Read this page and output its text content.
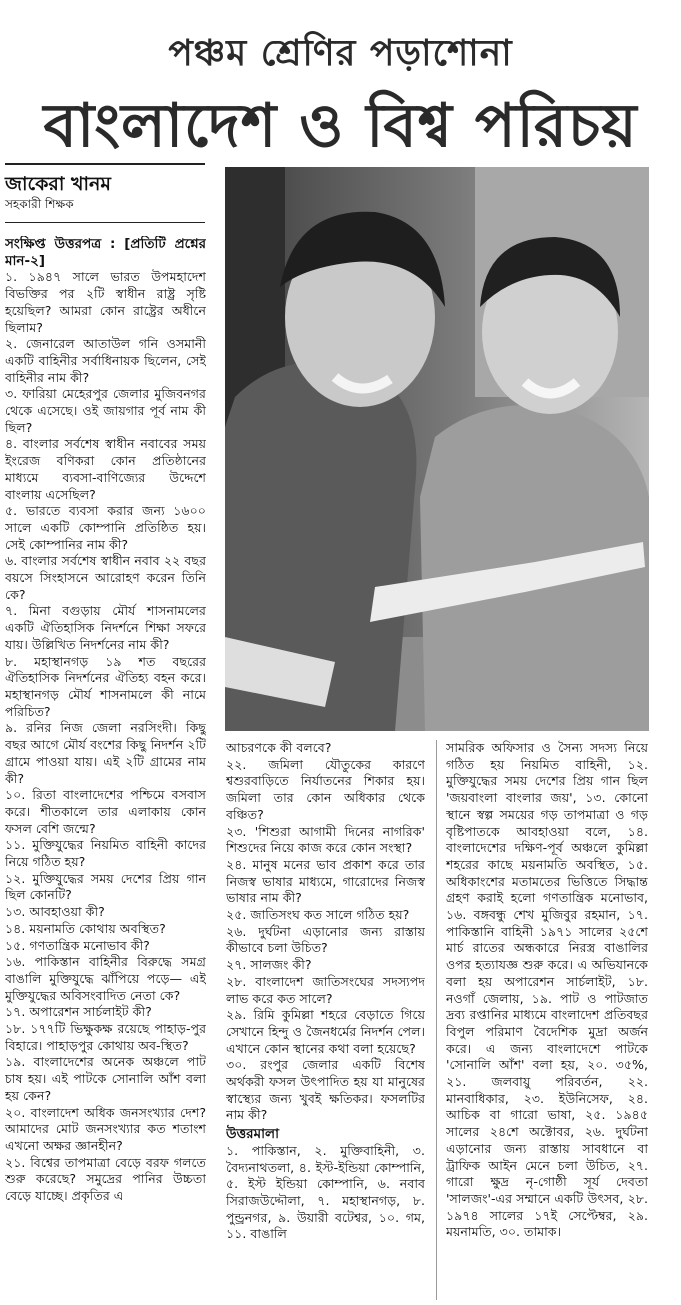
পঞ্চম শ্রেণির পড়াশোনা
বাংলাদেশ ও বিশ্ব পরিচয়
জাকেরা খানম
সহকারী শিক্ষক

সংক্ষিপ্ত উত্তরপত্র : [প্রতিটি প্রশ্নের মান-২]

১. ১৯৪৭ সালে ভারত উপমহাদেশ বিভক্তির পর ২টি স্বাধীন রাষ্ট্র সৃষ্টি হয়েছিল? আমরা কোন রাষ্ট্রের অধীনে ছিলাম?

২. জেনারেল আতাউল গনি ওসমানী একটি বাহিনীর সর্বাধিনায়ক ছিলেন, সেই বাহিনীর নাম কী?

৩. ফারিয়া মেহেরপুর জেলার মুজিবনগর থেকে এসেছে। ওই জায়গার পূর্ব নাম কী ছিল?

৪. বাংলার সর্বশেষ স্বাধীন নবাবের সময় ইংরেজ বণিকরা কোন প্রতিষ্ঠানের মাধ্যমে ব্যবসা-বাণিজ্যের উদ্দেশে বাংলায় এসেছিল?

৫. ভারতে ব্যবসা করার জন্য ১৬০০ সালে একটি কোম্পানি প্রতিষ্ঠিত হয়। সেই কোম্পানির নাম কী?

৬. বাংলার সর্বশেষ স্বাধীন নবাব ২২ বছর বয়সে সিংহাসনে আরোহণ করেন তিনি কে?

৭. মিনা বগুড়ায় মৌর্য শাসনামলের একটি ঐতিহাসিক নিদর্শনে শিক্ষা সফরে যায়। উল্লিখিত নিদর্শনের নাম কী?

৮. মহাস্থানগড় ১৯ শত বছরের ঐতিহাসিক নিদর্শনের ঐতিহ্য বহন করে। মহাস্থানগড় মৌর্য শাসনামলে কী নামে পরিচিত?

৯. রনির নিজ জেলা নরসিংদী। কিছু বছর আগে মৌর্য বংশের কিছু নিদর্শন ২টি গ্রামে পাওয়া যায়। এই ২টি গ্রামের নাম কী?

১০. রিতা বাংলাদেশের পশ্চিমে বসবাস করে। শীতকালে তার এলাকায় কোন ফসল বেশি জন্মে?

১১. মুক্তিযুদ্ধের নিয়মিত বাহিনী কাদের নিয়ে গঠিত হয়?

১২. মুক্তিযুদ্ধের সময় দেশের প্রিয় গান ছিল কোনটি?

১৩. আবহাওয়া কী?

১৪. ময়নামতি কোথায় অবস্থিত?

১৫. গণতান্ত্রিক মনোভাব কী?

১৬. পাকিস্তান বাহিনীর বিরুদ্ধে সমগ্র বাঙালি মুক্তিযুদ্ধে ঝাঁপিয়ে পড়ে— এই মুক্তিযুদ্ধের অবিসংবাদিত নেতা কে?

১৭. অপারেশন সার্চলাইট কী?

১৮. ১৭৭টি ভিক্ষুকক্ষ রয়েছে পাহাড়-পুর বিহারে। পাহাড়পুর কোথায় অব-স্থিত?

১৯. বাংলাদেশের অনেক অঞ্চলে পাট চাষ হয়। এই পাটকে সোনালি আঁশ বলা হয় কেন?

২০. বাংলাদেশ অধিক জনসংখ্যার দেশ? আমাদের মোট জনসংখ্যার কত শতাংশ এখনো অক্ষর জ্ঞানহীন?

২১. বিশ্বের তাপমাত্রা বেড়ে বরফ গলতে শুরু করেছে? সমুদ্রের পানির উচ্চতা বেড়ে যাচ্ছে। প্রকৃতির এ

আচরণকে কী বলবে?

২২. জমিলা যৌতুকের কারণে শ্বশুরবাড়িতে নির্যাতনের শিকার হয়। জমিলা তার কোন অধিকার থেকে বঞ্চিত?

২৩. 'শিশুরা আগামী দিনের নাগরিক' শিশুদের নিয়ে কাজ করে কোন সংস্থা?

২৪. মানুষ মনের ভাব প্রকাশ করে তার নিজস্ব ভাষার মাধ্যমে, গারোদের নিজস্ব ভাষার নাম কী?

২৫. জাতিসংঘ কত সালে গঠিত হয়?

২৬. দুর্ঘটনা এড়ানোর জন্য রাস্তায় কীভাবে চলা উচিত?

২৭. সালজং কী?

২৮. বাংলাদেশ জাতিসংঘের সদস্যপদ লাভ করে কত সালে?

২৯. রিমি কুমিল্লা শহরে বেড়াতে গিয়ে সেখানে হিন্দু ও জৈনধর্মের নিদর্শন পেল। এখানে কোন স্থানের কথা বলা হয়েছে?

৩০. রংপুর জেলার একটি বিশেষ অর্থকরী ফসল উৎপাদিত হয় যা মানুষের স্বাস্থ্যের জন্য খুবই ক্ষতিকর। ফসলটির নাম কী?

উত্তরমালা

১. পাকিস্তান, ২. মুক্তিবাহিনী, ৩. বৈদ্যনাথতলা, ৪. ইস্ট-ইন্ডিয়া কোম্পানি, ৫. ইস্ট ইন্ডিয়া কোম্পানি, ৬. নবাব সিরাজউদ্দৌলা, ৭. মহাস্থানগড়, ৮. পুন্ড্রনগর, ৯. উয়ারী বটেশ্বর, ১০. গম, ১১. বাঙালি

সামরিক অফিসার ও সৈন্য সদস্য নিয়ে গঠিত হয় নিয়মিত বাহিনী, ১২. মুক্তিযুদ্ধের সময় দেশের প্রিয় গান ছিল 'জয়বাংলা বাংলার জয়', ১৩. কোনো স্থানে স্বল্প সময়ের গড় তাপমাত্রা ও গড় বৃষ্টিপাতকে আবহাওয়া বলে, ১৪. বাংলাদেশের দক্ষিণ-পূর্ব অঞ্চলে কুমিল্লা শহরের কাছে ময়নামতি অবস্থিত, ১৫. অধিকাংশের মতামতের ভিত্তিতে সিদ্ধান্ত গ্রহণ করাই হলো গণতান্ত্রিক মনোভাব, ১৬. বঙ্গবন্ধু শেখ মুজিবুর রহমান, ১৭. পাকিস্তানি বাহিনী ১৯৭১ সালের ২৫শে মার্চ রাতের অন্ধকারে নিরস্ত্র বাঙালির ওপর হত্যাযজ্ঞ শুরু করে। এ অভিযানকে বলা হয় অপারেশন সার্চলাইট, ১৮. নওগাঁ জেলায়, ১৯. পাট ও পাটজাত দ্রব্য রপ্তানির মাধ্যমে বাংলাদেশ প্রতিবছর বিপুল পরিমাণ বৈদেশিক মুদ্রা অর্জন করে। এ জন্য বাংলাদেশে পাটকে 'সোনালি আঁশ' বলা হয়, ২০. ৩৫%, ২১. জলবায়ু পরিবর্তন, ২২. মানবাধিকার, ২৩. ইউনিসেফ, ২৪. আচিক বা গারো ভাষা, ২৫. ১৯৪৫ সালের ২৪শে অক্টোবর, ২৬. দুর্ঘটনা এড়ানোর জন্য রাস্তায় সাবধানে বা ট্রাফিক আইন মেনে চলা উচিত, ২৭. গারো ক্ষুদ্র নৃ-গোষ্ঠী সূর্য দেবতা 'সালজং'-এর সম্মানে একটি উৎসব, ২৮. ১৯৭৪ সালের ১৭ই সেপ্টেম্বর, ২৯. ময়নামতি, ৩০. তামাক।
